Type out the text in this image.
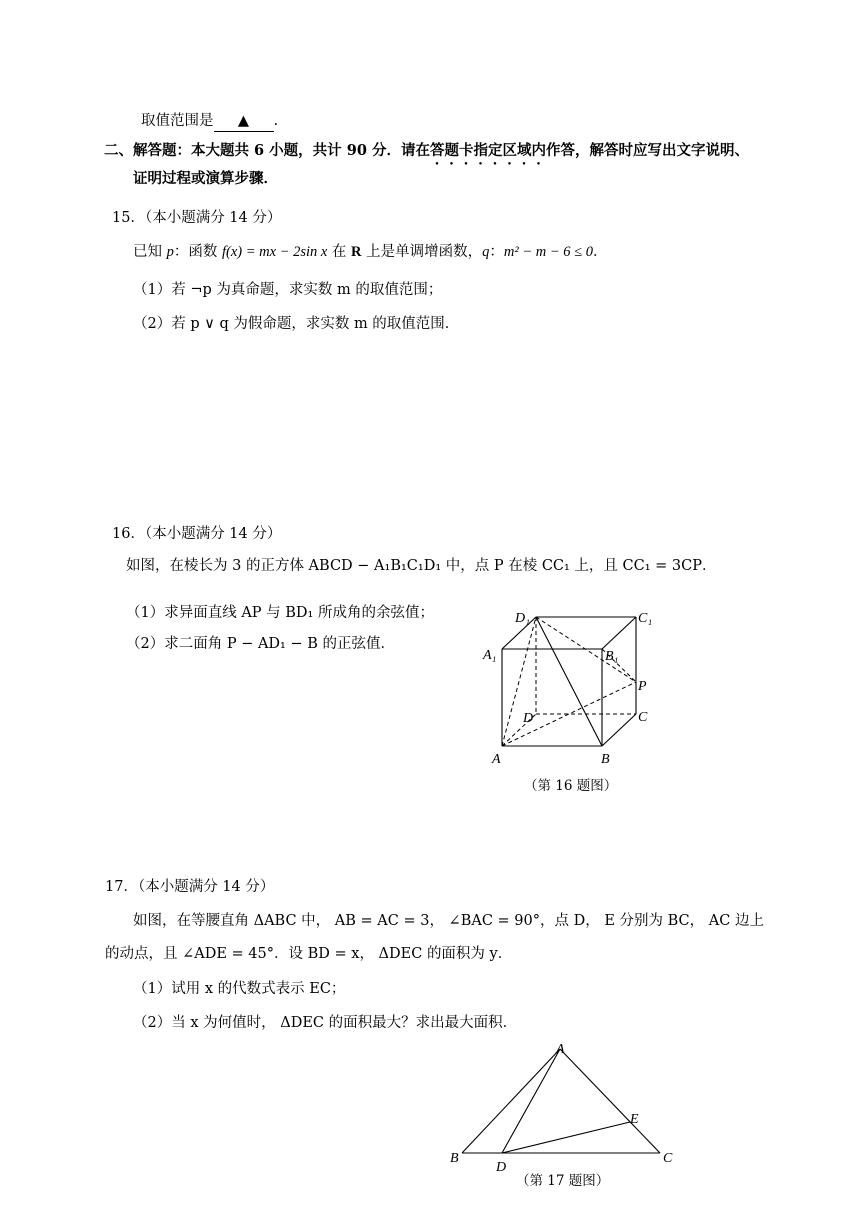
取值范围是 ▲ .
二、解答题：本大题共 6 小题，共计 90 分．请在答题卡指定区域内作答，解答时应写出文字说明、
证明过程或演算步骤．
15．（本小题满分 14 分）
已知 p：函数 f(x) = mx − 2sin x 在 R 上是单调增函数，q：m² − m − 6 ≤ 0．
（1）若 ¬p 为真命题，求实数 m 的取值范围；
（2）若 p ∨ q 为假命题，求实数 m 的取值范围．
16．（本小题满分 14 分）
如图，在棱长为 3 的正方体 ABCD − A₁B₁C₁D₁ 中，点 P 在棱 CC₁ 上，且 CC₁ = 3CP．
（1）求异面直线 AP 与 BD₁ 所成角的余弦值；
（2）求二面角 P − AD₁ − B 的正弦值．
D₁	C₁
A₁	B₁
P
D	C
A	B
（第 16 题图）
17．（本小题满分 14 分）
如图，在等腰直角 ΔABC 中， AB = AC = 3， ∠BAC = 90°，点 D， E 分别为 BC， AC 边上
的动点，且 ∠ADE = 45°．设 BD = x， ΔDEC 的面积为 y．
（1）试用 x 的代数式表示 EC；
（2）当 x 为何值时， ΔDEC 的面积最大？求出最大面积．
A
B	C
D
E
（第 17 题图）
